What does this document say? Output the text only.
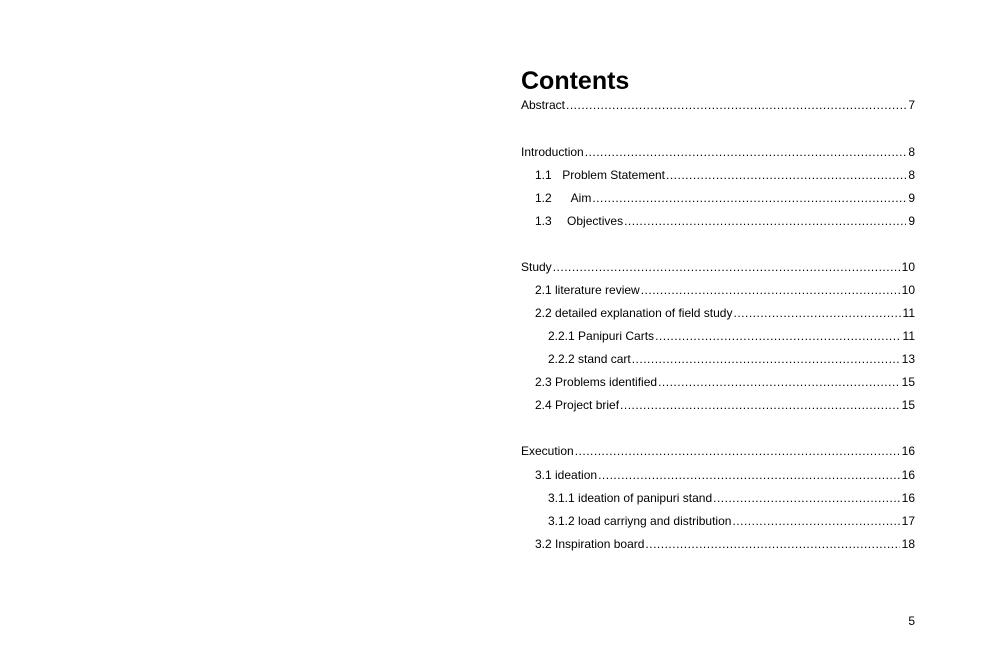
Contents
Abstract .....	7
Introduction .....	8
1.1 Problem Statement .....	8
1.2	Aim .....	9
1.3	Objectives .....	9
Study .....	10
2.1 literature review .....	10
2.2 detailed explanation of field study .....	11
2.2.1 Panipuri Carts .....	11
2.2.2 stand cart .....	13
2.3 Problems identified .....	15
2.4 Project brief .....	15
Execution .....	16
3.1 ideation .....	16
3.1.1 ideation of panipuri stand .....	16
3.1.2 load carriyng and distribution .....	17
3.2 Inspiration board .....	18
5
